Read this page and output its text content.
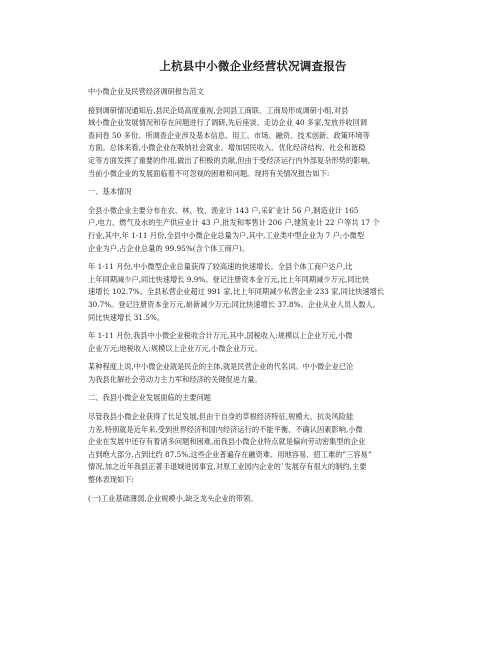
上杭县中小微企业经营状况调查报告
中小微企业及民营经济调研报告范文
接到调研情况通知后,县民企局高度重视,会同县工商联、工商局形成调研小组,对县
域小微企业发展情况和存在问题进行了调研,先后座谈、走访企业 40 多家,发放并收回调
查问卷 50 多份。所调查企业涉及基本信息、用工、市场、融资、技术创新、政策环境等
方面。总体来看,小微企业在吸纳社会就业、增加居民收入、优化经济结构、社会和谐稳
定等方面发挥了重要的作用,做出了积极的贡献,但由于受经济运行内外部复杂形势的影响,
当前小微企业的发展面临着不可忽视的困难和问题。现将有关情况报告如下:
一、基本情况
全县小微企业主要分布在农、林、牧、渔业计 143 户,采矿业计 56 户,制造业计 165
户,电力、燃气及水的生产供应业计 43 户,批发和零售计 206 户,建筑业计 22 户等共 17 个
行业,其中,年 1-11 月份,全县中小微企业总量为户,其中,工业类中型企业为 7 户;小微型
企业为户,占企业总量的 99.95%(含个体工商户)。
年 1-11 月份,中小微型企业总量获得了较高速的快速增长。全县个体工商户达户,比
上年同期减少户,同比快速增长 9.9%。登记注册资本金万元,比上年同期减少万元,同比快
速增长 102.7%。全县私营企业超过 991 家,比上年同期减少私营企业 233 家,同比快速增长
30.7%。登记注册资本金万元,崭新减少万元;同比快速增长 37.8%。企业从业人员人数人,
同比快速增长 31.5%。
年 1-11 月份,我县中小微企业税收合计万元,其中,国税收入:规模以上企业万元,小微
企业万元;地税收入:规模以上企业万元,小微企业万元。
某种程度上说,中小微企业就是民企的主体,就是民营企业的代名词。中小微企业已沦
为我县化解社会劳动力主力军和经济的关键促进力量。
二、我县小微企业发展面临的主要问题
尽管我县小微企业获得了长足发展,但由于自身的草根经济特征,规模大、抗炎风险能
力差,特别就是近年来,受到世界经济和国内经济运行的不能平衡、不确认因素影响,小微
企业在发展中还存有着诸多问题和困难,而我县小微企业特点就是偏向劳动密集型的企业
占到绝大部分,占到比约 87.5%,这些企业普遍存在融资难、用地容易、招工难的”三容易”
情况,加之近年我县正著手退城进园事宜,对原工业园内企业的`发展存有很大的制约,主要
整体表现如下:
(一)工业基础薄弱,企业规模小,缺乏龙头企业的带领。
